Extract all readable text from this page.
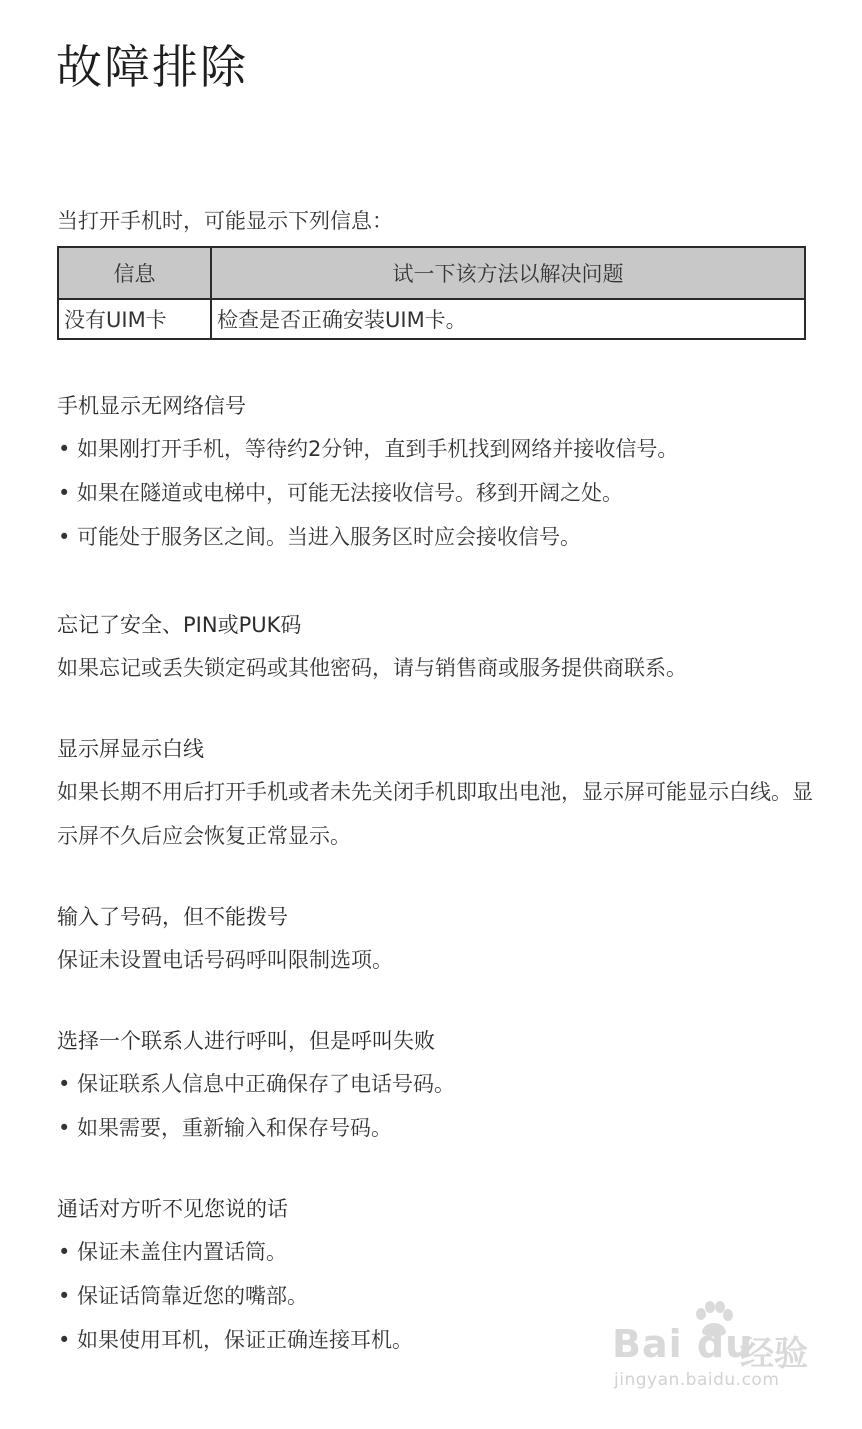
故障排除
当打开手机时，可能显示下列信息：
信息	试一下该方法以解决问题
没有UIM卡	检查是否正确安装UIM卡。
手机显示无网络信号
• 如果刚打开手机，等待约2分钟，直到手机找到网络并接收信号。
• 如果在隧道或电梯中，可能无法接收信号。移到开阔之处。
• 可能处于服务区之间。当进入服务区时应会接收信号。
忘记了安全、PIN或PUK码

如果忘记或丢失锁定码或其他密码，请与销售商或服务提供商联系。

显示屏显示白线

如果长期不用后打开手机或者未先关闭手机即取出电池，显示屏可能显示白线。显示屏不久后应会恢复正常显示。

输入了号码，但不能拨号

保证未设置电话号码呼叫限制选项。

选择一个联系人进行呼叫，但是呼叫失败
• 保证联系人信息中正确保存了电话号码。
• 如果需要，重新输入和保存号码。
通话对方听不见您说的话
• 保证未盖住内置话筒。
• 保证话筒靠近您的嘴部。
• 如果使用耳机，保证正确连接耳机。	Bai du
经验
jingyan.baidu.com
